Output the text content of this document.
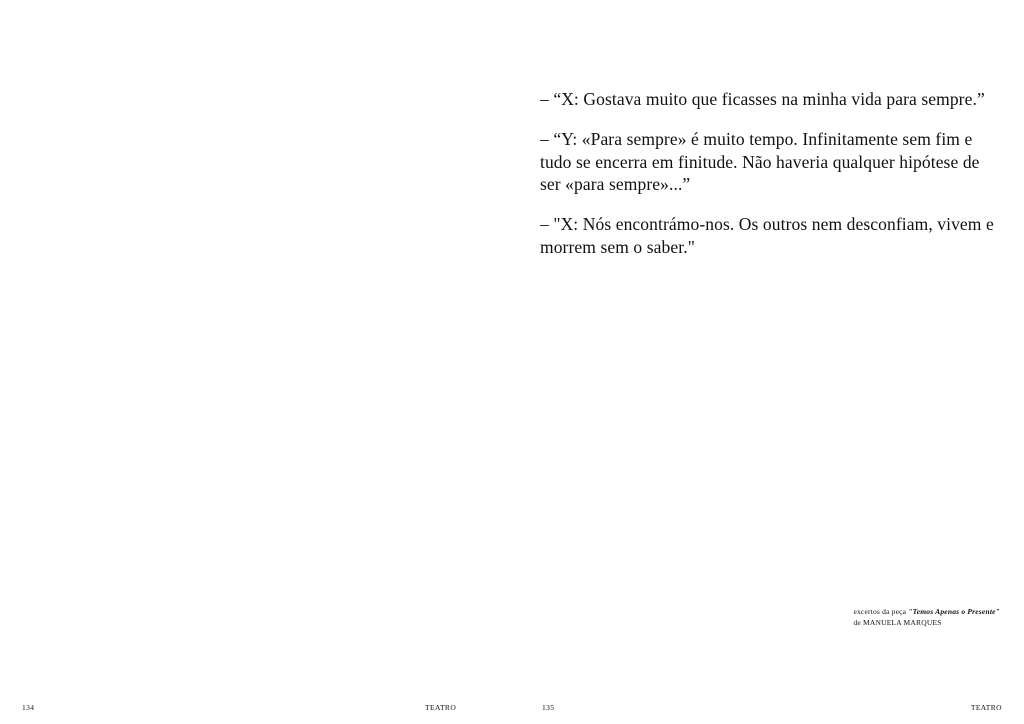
134	TEATRO

– “X: Gostava muito que ficasses na minha vida para sempre.”

– “Y: «Para sempre» é muito tempo. Infinitamente sem fim e tudo se encerra em finitude. Não haveria qualquer hipótese de ser «para sempre»...”

– "X: Nós encontrámo-nos. Os outros nem desconfiam, vivem e morrem sem o saber."

excertos da peça "Temos Apenas o Presente"
de MANUELA MARQUES
135	TEATRO
